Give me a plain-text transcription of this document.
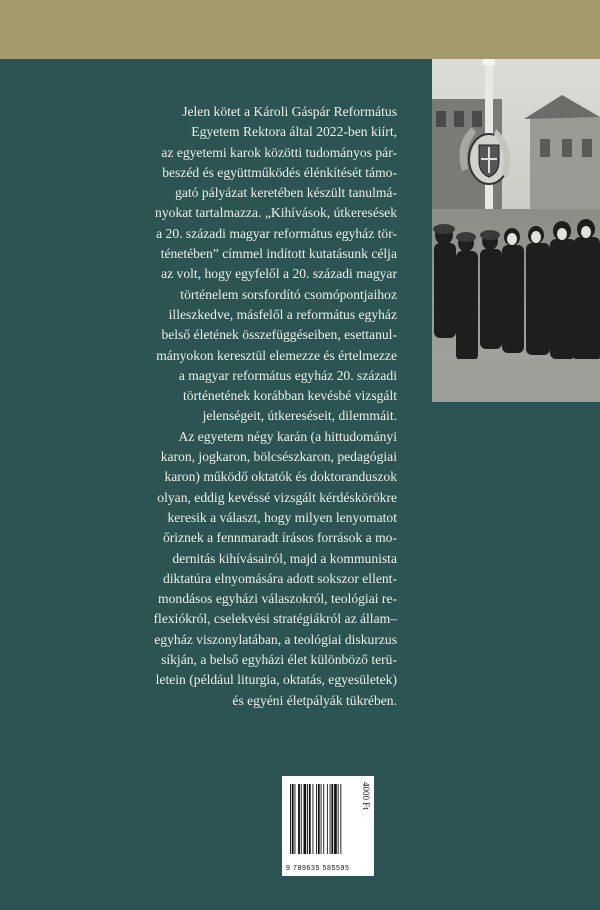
Jelen kötet a Károli Gáspár Református
Egyetem Rektora által 2022-ben kiírt,
az egyetemi karok közötti tudományos pár-
beszéd és együttműködés élénkítését támo-
gató pályázat keretében készült tanulmá-
nyokat tartalmazza. „Kihívások, útkeresések
a 20. századi magyar református egyház tör-
ténetében” címmel indított kutatásunk célja
az volt, hogy egyfelől a 20. századi magyar
történelem sorsfordító csomópontjaihoz
illeszkedve, másfelől a református egyház
belső életének összefüggéseiben, esettanul-
mányokon keresztül elemezze és értelmezze
a magyar református egyház 20. századi
történetének korábban kevésbé vizsgált
jelenségeit, útkereséseit, dilemmáit.
Az egyetem négy karán (a hittudományi
karon, jogkaron, bölcsészkaron, pedagógiai
karon) működő oktatók és doktoranduszok
olyan, eddig kevéssé vizsgált kérdéskörökre
keresik a választ, hogy milyen lenyomatot
őriznek a fennmaradt írásos források a mo-
dernitás kihívásairól, majd a kommunista
diktatúra elnyomására adott sokszor ellent-
mondásos egyházi válaszokról, teológiai re-
flexiókról, cselekvési stratégiákról az állam–
egyház viszonylatában, a teológiai diskurzus
síkján, a belső egyházi élet különböző terü-
letein (például liturgia, oktatás, egyesületek)
és egyéni életpályák tükrében.
9 789635 585595
4000 Ft
